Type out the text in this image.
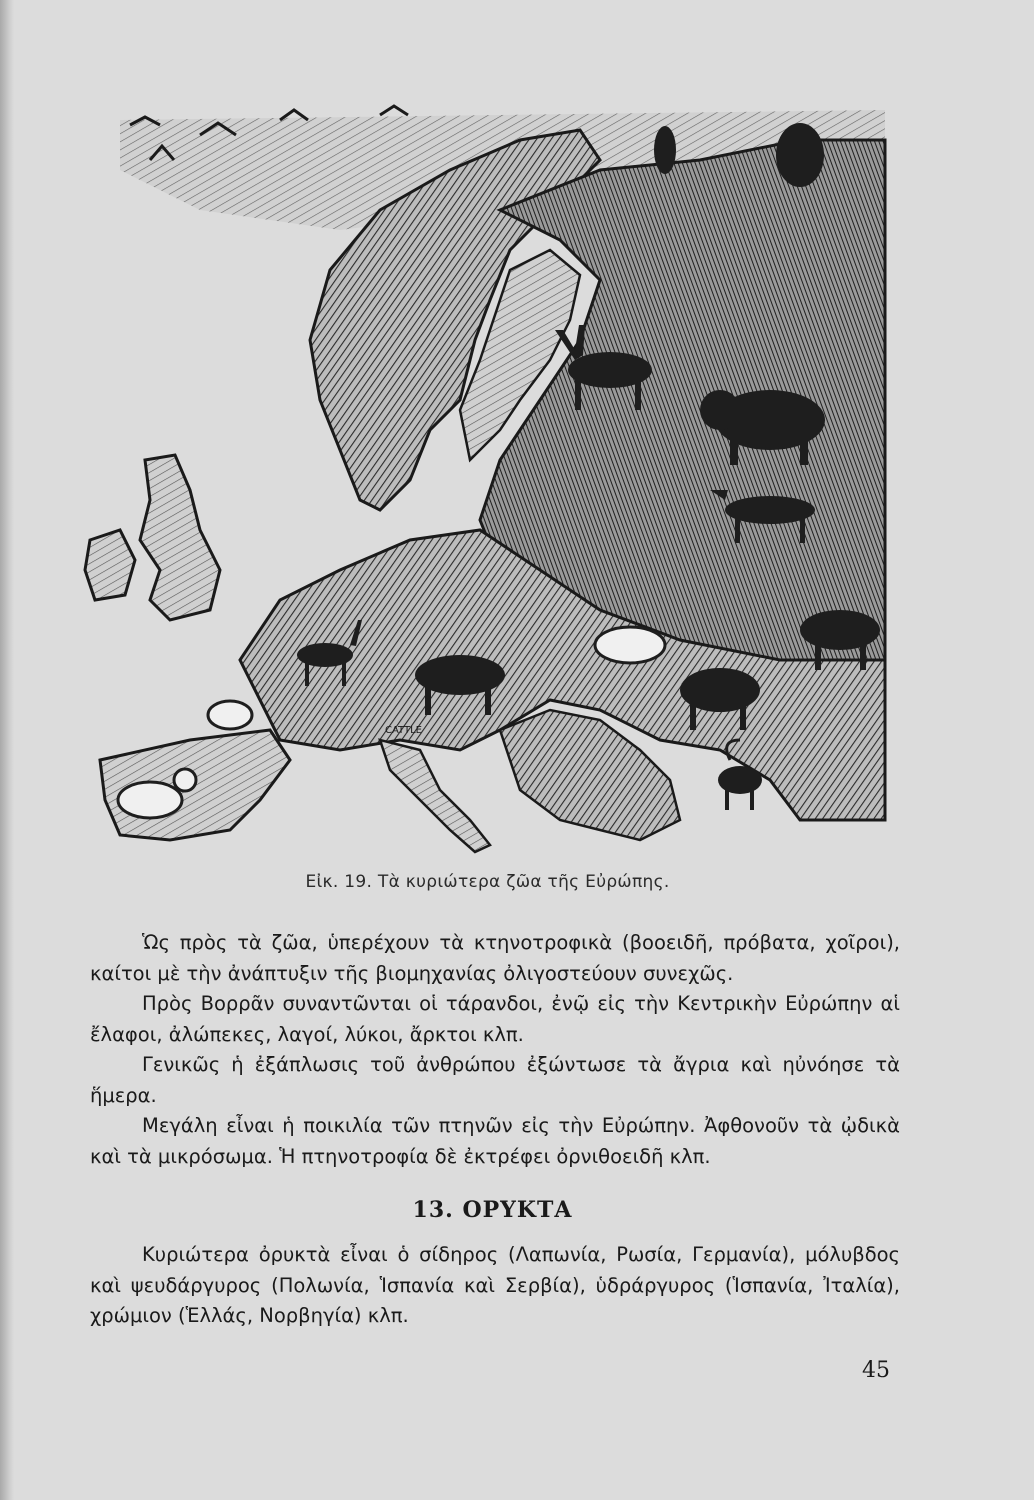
CATTLE
Εἰκ. 19. Τὰ κυριώτερα ζῶα τῆς Εὐρώπης.

Ὡς πρὸς τὰ ζῶα, ὑπερέχουν τὰ κτηνοτροφικὰ (βοοειδῆ, πρόβατα, χοῖροι), καίτοι μὲ τὴν ἀνάπτυξιν τῆς βιομηχανίας ὀλιγοστεύουν συνεχῶς.

Πρὸς Βορρᾶν συναντῶνται οἱ τάρανδοι, ἐνῷ εἰς τὴν Κεντρικὴν Εὐρώπην αἱ ἔλαφοι, ἀλώπεκες, λαγοί, λύκοι, ἄρκτοι κλπ.

Γενικῶς ἡ ἐξάπλωσις τοῦ ἀνθρώπου ἐξώντωσε τὰ ἄγρια καὶ ηὐνόησε τὰ ἥμερα.

Μεγάλη εἶναι ἡ ποικιλία τῶν πτηνῶν εἰς τὴν Εὐρώπην. Ἀφθονοῦν τὰ ᾠδικὰ καὶ τὰ μικρόσωμα. Ἡ πτηνοτροφία δὲ ἐκτρέφει ὀρνιθοειδῆ κλπ.

13. ΟΡΥΚΤΑ

Κυριώτερα ὀρυκτὰ εἶναι ὁ σίδηρος (Λαπωνία, Ρωσία, Γερμανία), μόλυβδος καὶ ψευδάργυρος (Πολωνία, Ἱσπανία καὶ Σερβία), ὑδράργυρος (Ἱσπανία, Ἰταλία), χρώμιον (Ἑλλάς, Νορβηγία) κλπ.

45
